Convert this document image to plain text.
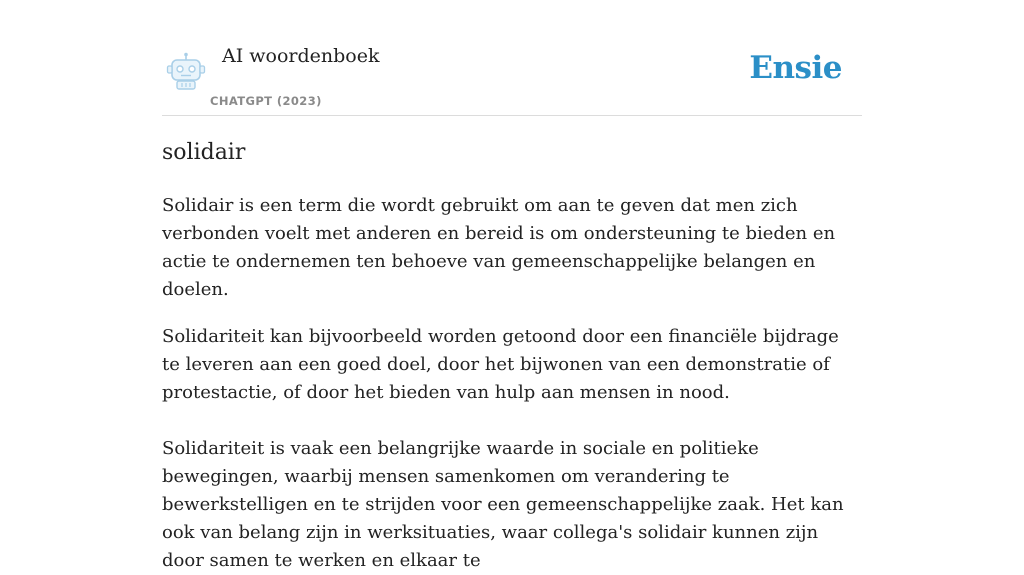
AI woordenboek
CHATGPT (2023)
Ensie
solidair

Solidair is een term die wordt gebruikt om aan te geven dat men zich verbonden voelt met anderen en bereid is om ondersteuning te bieden en actie te ondernemen ten behoeve van gemeenschappelijke belangen en doelen.

Solidariteit kan bijvoorbeeld worden getoond door een financiële bijdrage te leveren aan een goed doel, door het bijwonen van een demonstratie of protestactie, of door het bieden van hulp aan mensen in nood.

Solidariteit is vaak een belangrijke waarde in sociale en politieke bewegingen, waarbij mensen samenkomen om verandering te bewerkstelligen en te strijden voor een gemeenschappelijke zaak. Het kan ook van belang zijn in werksituaties, waar collega's solidair kunnen zijn door samen te werken en elkaar te
